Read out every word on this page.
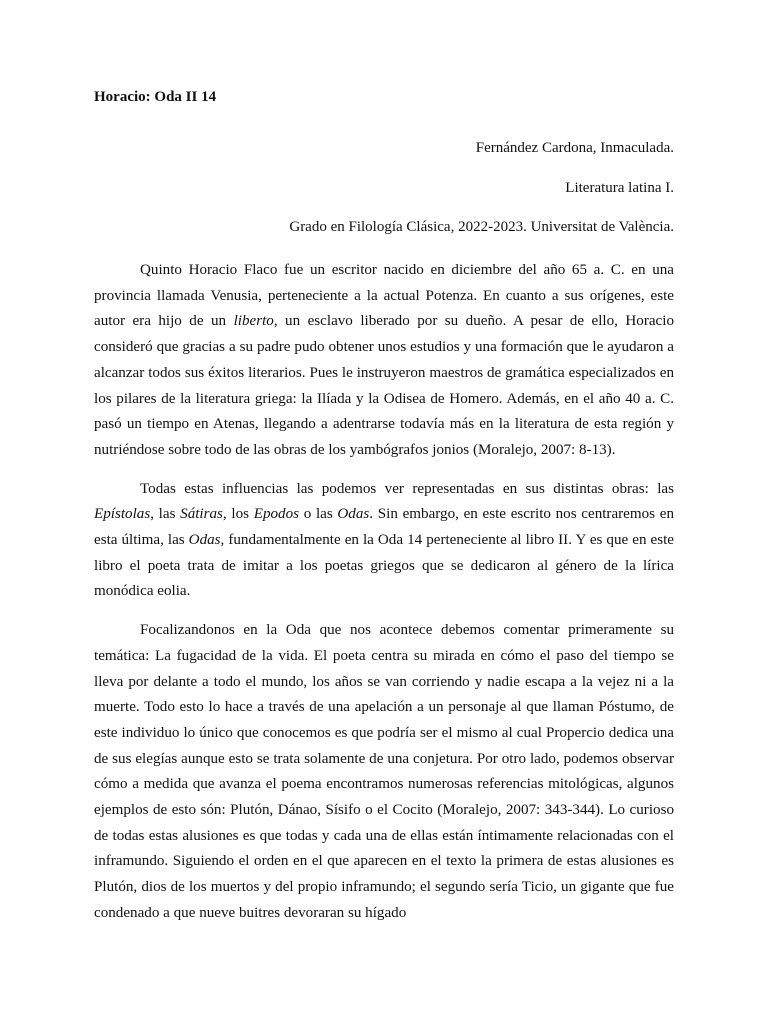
Horacio: Oda II 14
Fernández Cardona, Inmaculada.
Literatura latina I.
Grado en Filología Clásica, 2022-2023. Universitat de València.

Quinto Horacio Flaco fue un escritor nacido en diciembre del año 65 a. C. en una provincia llamada Venusia, perteneciente a la actual Potenza. En cuanto a sus orígenes, este autor era hijo de un liberto, un esclavo liberado por su dueño. A pesar de ello, Horacio consideró que gracias a su padre pudo obtener unos estudios y una formación que le ayudaron a alcanzar todos sus éxitos literarios. Pues le instruyeron maestros de gramática especializados en los pilares de la literatura griega: la Ilíada y la Odisea de Homero. Además, en el año 40 a. C. pasó un tiempo en Atenas, llegando a adentrarse todavía más en la literatura de esta región y nutriéndose sobre todo de las obras de los yambógrafos jonios (Moralejo, 2007: 8-13).

Todas estas influencias las podemos ver representadas en sus distintas obras: las Epístolas, las Sátiras, los Epodos o las Odas. Sin embargo, en este escrito nos centraremos en esta última, las Odas, fundamentalmente en la Oda 14 perteneciente al libro II. Y es que en este libro el poeta trata de imitar a los poetas griegos que se dedicaron al género de la lírica monódica eolia.

Focalizandonos en la Oda que nos acontece debemos comentar primeramente su temática: La fugacidad de la vida. El poeta centra su mirada en cómo el paso del tiempo se lleva por delante a todo el mundo, los años se van corriendo y nadie escapa a la vejez ni a la muerte. Todo esto lo hace a través de una apelación a un personaje al que llaman Póstumo, de este individuo lo único que conocemos es que podría ser el mismo al cual Propercio dedica una de sus elegías aunque esto se trata solamente de una conjetura. Por otro lado, podemos observar cómo a medida que avanza el poema encontramos numerosas referencias mitológicas, algunos ejemplos de esto són: Plutón, Dánao, Sísifo o el Cocito (Moralejo, 2007: 343-344). Lo curioso de todas estas alusiones es que todas y cada una de ellas están íntimamente relacionadas con el inframundo. Siguiendo el orden en el que aparecen en el texto la primera de estas alusiones es Plutón, dios de los muertos y del propio inframundo; el segundo sería Ticio, un gigante que fue condenado a que nueve buitres devoraran su hígado
